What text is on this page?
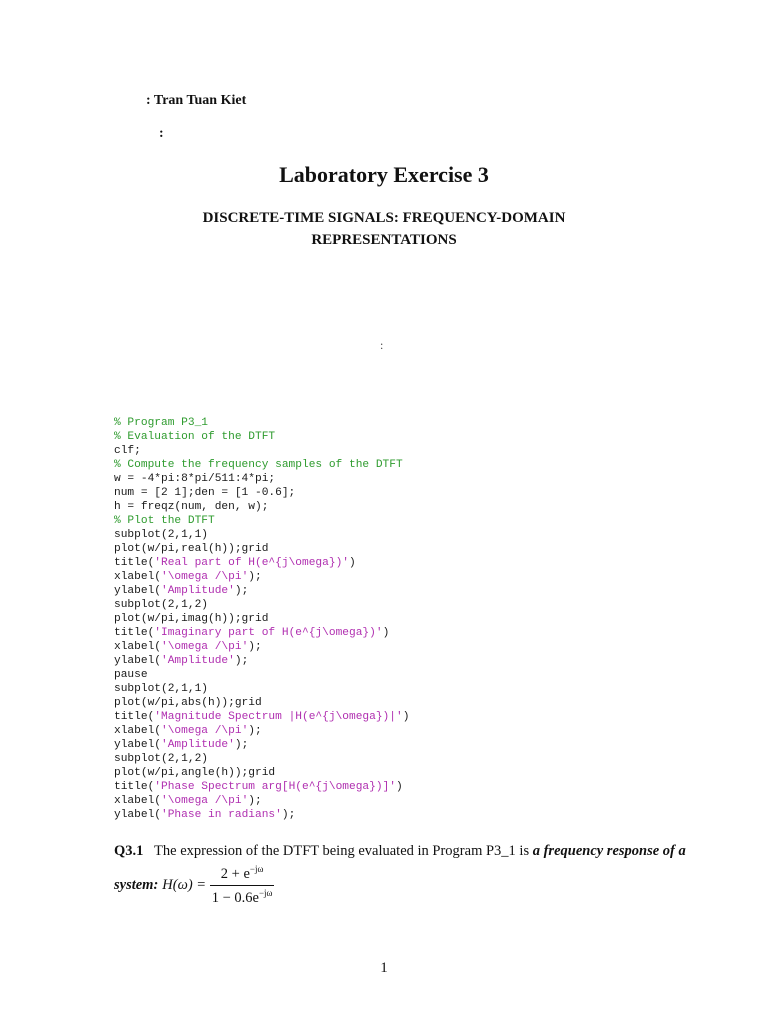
: Tran Tuan Kiet
:
Laboratory Exercise 3
DISCRETE-TIME SIGNALS: FREQUENCY-DOMAIN REPRESENTATIONS
:
% Program P3_1
% Evaluation of the DTFT
clf;
% Compute the frequency samples of the DTFT
w = -4*pi:8*pi/511:4*pi;
num = [2 1];den = [1 -0.6];
h = freqz(num, den, w);
% Plot the DTFT
subplot(2,1,1)
plot(w/pi,real(h));grid
title('Real part of H(e^{j\omega})')
xlabel('\omega /\pi');
ylabel('Amplitude');
subplot(2,1,2)
plot(w/pi,imag(h));grid
title('Imaginary part of H(e^{j\omega})')
xlabel('\omega /\pi');
ylabel('Amplitude');
pause
subplot(2,1,1)
plot(w/pi,abs(h));grid
title('Magnitude Spectrum |H(e^{j\omega})|')
xlabel('\omega /\pi');
ylabel('Amplitude');
subplot(2,1,2)
plot(w/pi,angle(h));grid
title('Phase Spectrum arg[H(e^{j\omega})]')
xlabel('\omega /\pi');
ylabel('Phase in radians');
Q3.1 The expression of the DTFT being evaluated in Program P3_1 is a frequency response of a
system: $H(\omega) = \frac{2 + e^{-j\omega}}{1 - 0.6e^{-j\omega}}$
1
